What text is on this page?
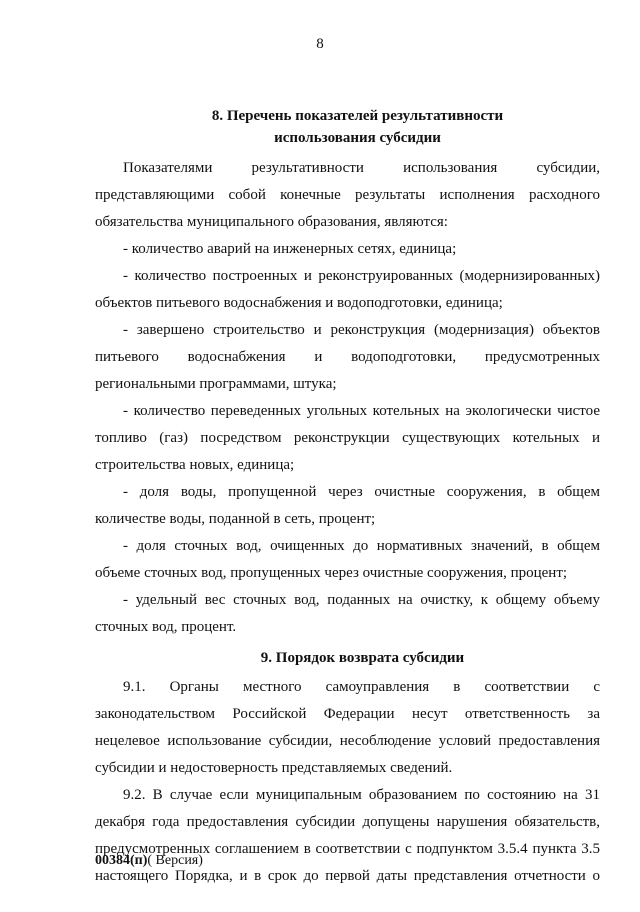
8
8. Перечень показателей результативности
использования субсидии

Показателями результативности использования субсидии, представляющими собой конечные результаты исполнения расходного обязательства муниципального образования, являются:

- количество аварий на инженерных сетях, единица;

- количество построенных и реконструированных (модернизированных) объектов питьевого водоснабжения и водоподготовки, единица;

- завершено строительство и реконструкция (модернизация) объектов питьевого водоснабжения и водоподготовки, предусмотренных региональными программами, штука;

- количество переведенных угольных котельных на экологически чистое топливо (газ) посредством реконструкции существующих котельных и строительства новых, единица;

- доля воды, пропущенной через очистные сооружения, в общем количестве воды, поданной в сеть, процент;

- доля сточных вод, очищенных до нормативных значений, в общем объеме сточных вод, пропущенных через очистные сооружения, процент;

- удельный вес сточных вод, поданных на очистку, к общему объему сточных вод, процент.

9. Порядок возврата субсидии

9.1. Органы местного самоуправления в соответствии с законодательством Российской Федерации несут ответственность за нецелевое использование субсидии, несоблюдение условий предоставления субсидии и недостоверность представляемых сведений.

9.2. В случае если муниципальным образованием по состоянию на 31 декабря года предоставления субсидии допущены нарушения обязательств, предусмотренных соглашением в соответствии с подпунктом 3.5.4 пункта 3.5 настоящего Порядка, и в срок до первой даты представления отчетности о

00384(п)( Версия)
